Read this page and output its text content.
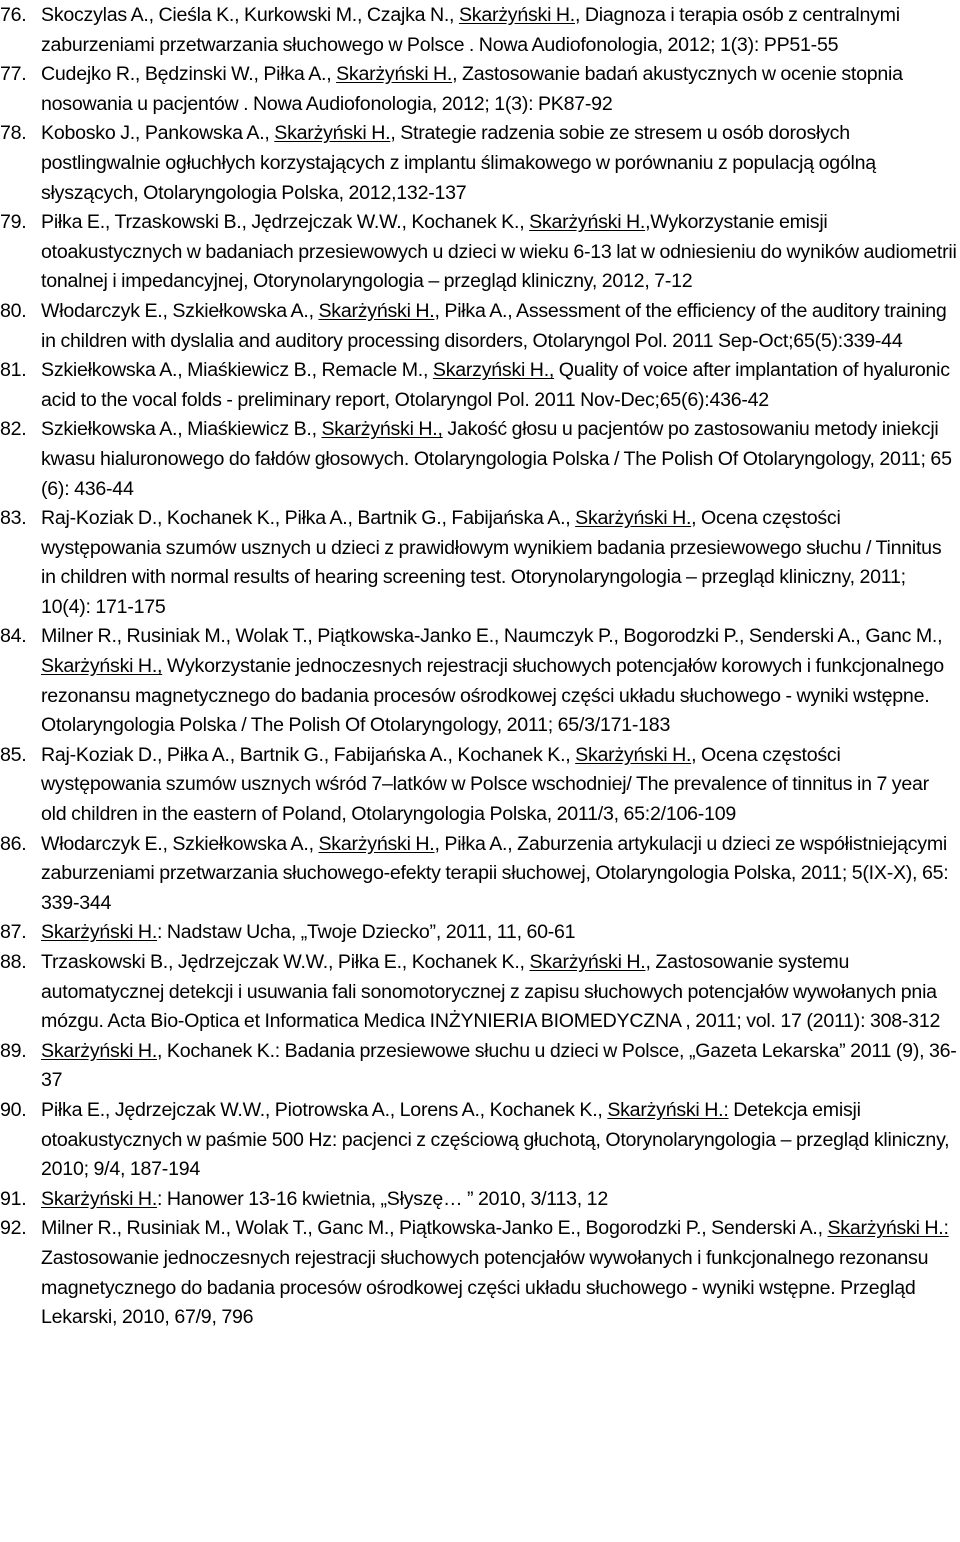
76. Skoczylas A., Cieśla K., Kurkowski M., Czajka N., Skarżyński H., Diagnoza i terapia osób z centralnymi zaburzeniami przetwarzania słuchowego w Polsce . Nowa Audiofonologia, 2012; 1(3): PP51-55
77. Cudejko R., Będzinski W., Piłka A., Skarżyński H., Zastosowanie badań akustycznych w ocenie stopnia nosowania u pacjentów . Nowa Audiofonologia, 2012; 1(3): PK87-92
78. Kobosko J., Pankowska A., Skarżyński H., Strategie radzenia sobie ze stresem u osób dorosłych postlingwalnie ogłuchłych korzystających z implantu ślimakowego w porównaniu z populacją ogólną słyszących, Otolaryngologia Polska, 2012,132-137
79. Piłka E., Trzaskowski B., Jędrzejczak W.W., Kochanek K., Skarżyński H.,Wykorzystanie emisji otoakustycznych w badaniach przesiewowych u dzieci w wieku 6-13 lat w odniesieniu do wyników audiometrii tonalnej i impedancyjnej, Otorynolaryngologia – przegląd kliniczny, 2012, 7-12
80. Włodarczyk E., Szkiełkowska A., Skarżyński H., Piłka A., Assessment of the efficiency of the auditory training in children with dyslalia and auditory processing disorders, Otolaryngol Pol. 2011 Sep-Oct;65(5):339-44
81. Szkiełkowska A., Miaśkiewicz B., Remacle M., Skarzyński H., Quality of voice after implantation of hyaluronic acid to the vocal folds - preliminary report, Otolaryngol Pol. 2011 Nov-Dec;65(6):436-42
82. Szkiełkowska A., Miaśkiewicz B., Skarżyński H., Jakość głosu u pacjentów po zastosowaniu metody iniekcji kwasu hialuronowego do fałdów głosowych. Otolaryngologia Polska / The Polish Of Otolaryngology, 2011; 65 (6): 436-44
83. Raj-Koziak D., Kochanek K., Piłka A., Bartnik G., Fabijańska A., Skarżyński H., Ocena częstości występowania szumów usznych u dzieci z prawidłowym wynikiem badania przesiewowego słuchu / Tinnitus in children with normal results of hearing screening test. Otorynolaryngologia – przegląd kliniczny, 2011; 10(4): 171-175
84. Milner R., Rusiniak M., Wolak T., Piątkowska-Janko E., Naumczyk P., Bogorodzki P., Senderski A., Ganc M., Skarżyński H., Wykorzystanie jednoczesnych rejestracji słuchowych potencjałów korowych i funkcjonalnego rezonansu magnetycznego do badania procesów ośrodkowej części układu słuchowego - wyniki wstępne. Otolaryngologia Polska / The Polish Of Otolaryngology, 2011; 65/3/171-183
85. Raj-Koziak D., Piłka A., Bartnik G., Fabijańska A., Kochanek K., Skarżyński H., Ocena częstości występowania szumów usznych wśród 7–latków w Polsce wschodniej/ The prevalence of tinnitus in 7 year old children in the eastern of Poland, Otolaryngologia Polska, 2011/3, 65:2/106-109
86. Włodarczyk E., Szkiełkowska A., Skarżyński H., Piłka A., Zaburzenia artykulacji u dzieci ze współistniejącymi zaburzeniami przetwarzania słuchowego-efekty terapii słuchowej, Otolaryngologia Polska, 2011; 5(IX-X), 65: 339-344
87. Skarżyński H.: Nadstaw Ucha, „Twoje Dziecko”, 2011, 11, 60-61
88. Trzaskowski B., Jędrzejczak W.W., Piłka E., Kochanek K., Skarżyński H., Zastosowanie systemu automatycznej detekcji i usuwania fali sonomotorycznej z zapisu słuchowych potencjałów wywołanych pnia mózgu. Acta Bio-Optica et Informatica Medica INŻYNIERIA BIOMEDYCZNA , 2011; vol. 17 (2011): 308-312
89. Skarżyński H., Kochanek K.: Badania przesiewowe słuchu u dzieci w Polsce, „Gazeta Lekarska” 2011 (9), 36-37
90. Piłka E., Jędrzejczak W.W., Piotrowska A., Lorens A., Kochanek K., Skarżyński H.: Detekcja emisji otoakustycznych w paśmie 500 Hz: pacjenci z częściową głuchotą, Otorynolaryngologia – przegląd kliniczny, 2010; 9/4, 187-194
91. Skarżyński H.: Hanower 13-16 kwietnia, „Słyszę… ” 2010, 3/113, 12
92. Milner R., Rusiniak M., Wolak T., Ganc M., Piątkowska-Janko E., Bogorodzki P., Senderski A., Skarżyński H.: Zastosowanie jednoczesnych rejestracji słuchowych potencjałów wywołanych i funkcjonalnego rezonansu magnetycznego do badania procesów ośrodkowej części układu słuchowego - wyniki wstępne. Przegląd Lekarski, 2010, 67/9, 796
